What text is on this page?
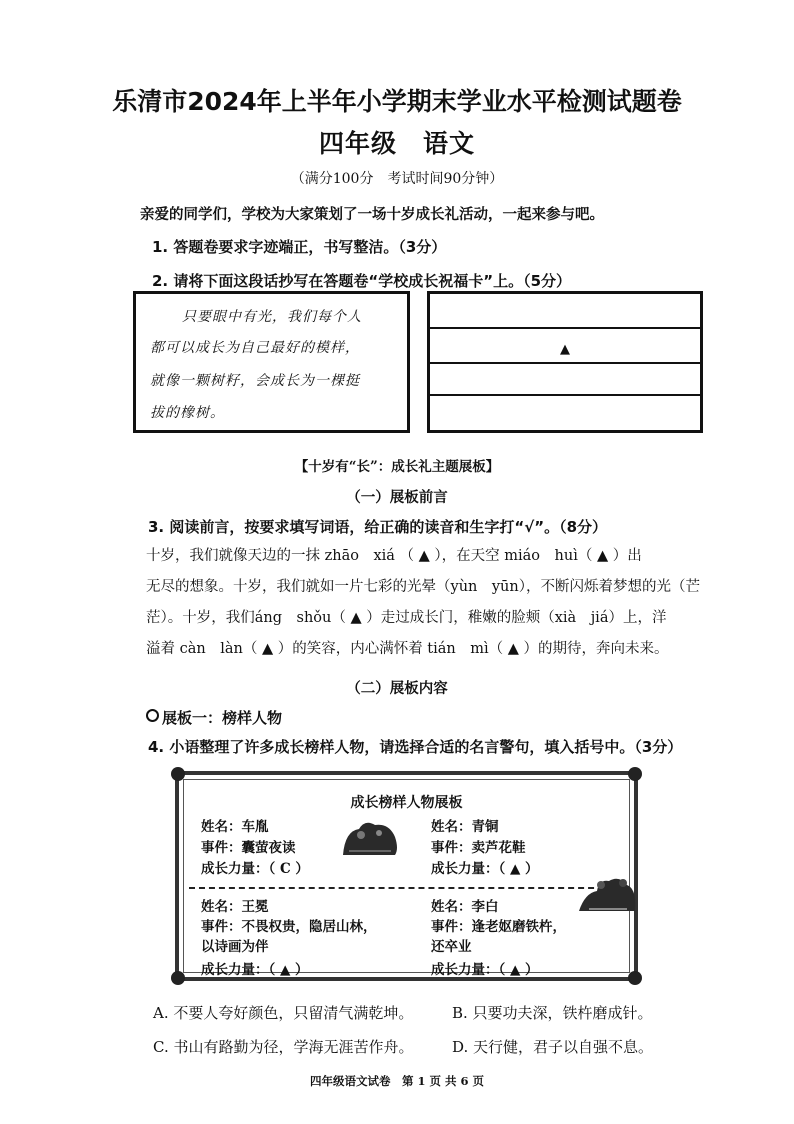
乐清市2024年上半年小学期末学业水平检测试题卷
四年级　语文
（满分100分　考试时间90分钟）
亲爱的同学们，学校为大家策划了一场十岁成长礼活动，一起来参与吧。
1. 答题卷要求字迹端正，书写整洁。（3分）
2. 请将下面这段话抄写在答题卷“学校成长祝福卡”上。（5分）
只要眼中有光，我们每个人
都可以成长为自己最好的模样，
就像一颗树籽，会成长为一棵挺
拔的橡树。
▲
【十岁有“长”：成长礼主题展板】
（一）展板前言
3. 阅读前言，按要求填写词语，给正确的读音和生字打“√”。（8分）
十岁，我们就像天边的一抹 zhāo　xiá （ ▲ ），在天空 miáo　huì（ ▲ ）出
无尽的想象。十岁，我们就如一片七彩的光晕（yùn　yūn），不断闪烁着梦想的光（芒
茫）。十岁，我们áng　shǒu（ ▲ ）走过成长门，稚嫩的脸颊（xià　jiá）上，洋
溢着 càn　làn（ ▲ ）的笑容，内心满怀着 tián　mì（ ▲ ）的期待，奔向未来。
（二）展板内容
展板一：榜样人物
4. 小语整理了许多成长榜样人物，请选择合适的名言警句，填入括号中。（3分）
成长榜样人物展板
姓名：车胤
事件：囊萤夜读
成长力量：（ C ）
姓名：青铜
事件：卖芦花鞋
成长力量：（ ▲ ）
姓名：王冕
事件：不畏权贵，隐居山林，
以诗画为伴
成长力量：（ ▲ ）
姓名：李白
事件：逢老妪磨铁杵，
还卒业
成长力量：（ ▲ ）
A. 不要人夸好颜色，只留清气满乾坤。	B. 只要功夫深，铁杵磨成针。
C. 书山有路勤为径，学海无涯苦作舟。	D. 天行健，君子以自强不息。
四年级语文试卷　第 1 页 共 6 页
